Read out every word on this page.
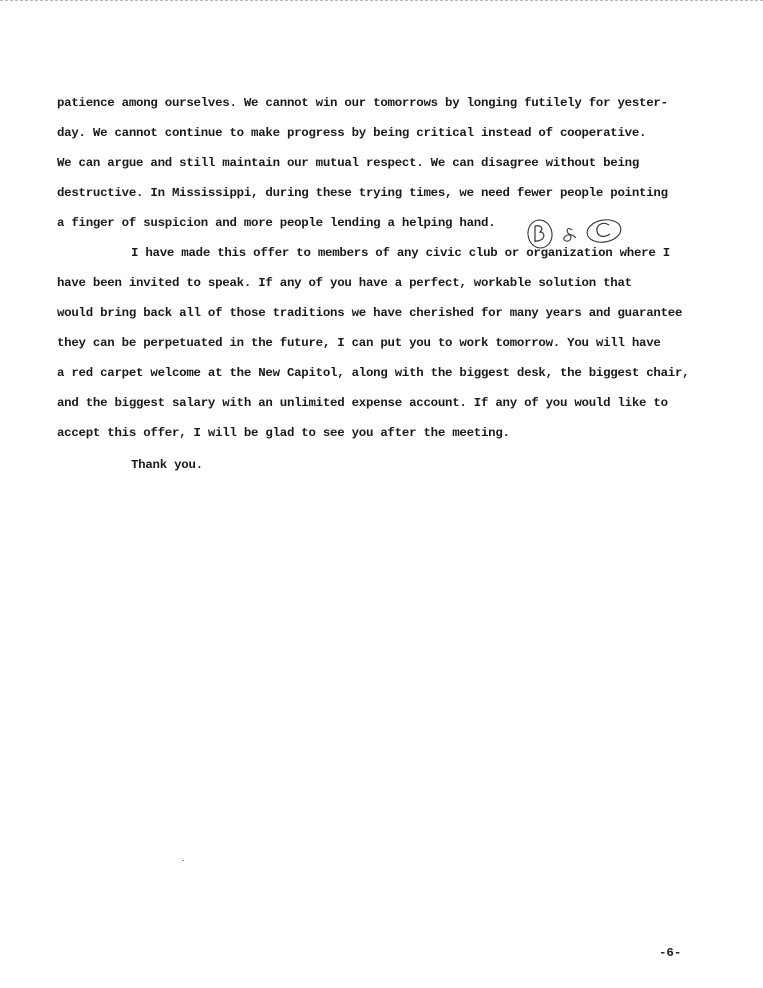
patience among ourselves. We cannot win our tomorrows by longing futilely for yester-
day. We cannot continue to make progress by being critical instead of cooperative.
We can argue and still maintain our mutual respect. We can disagree without being
destructive. In Mississippi, during these trying times, we need fewer people pointing
a finger of suspicion and more people lending a helping hand.
I have made this offer to members of any civic club or organization where I
have been invited to speak. If any of you have a perfect, workable solution that
would bring back all of those traditions we have cherished for many years and guarantee
they can be perpetuated in the future, I can put you to work tomorrow. You will have
a red carpet welcome at the New Capitol, along with the biggest desk, the biggest chair,
and the biggest salary with an unlimited expense account. If any of you would like to
accept this offer, I will be glad to see you after the meeting.
Thank you.
-6-
